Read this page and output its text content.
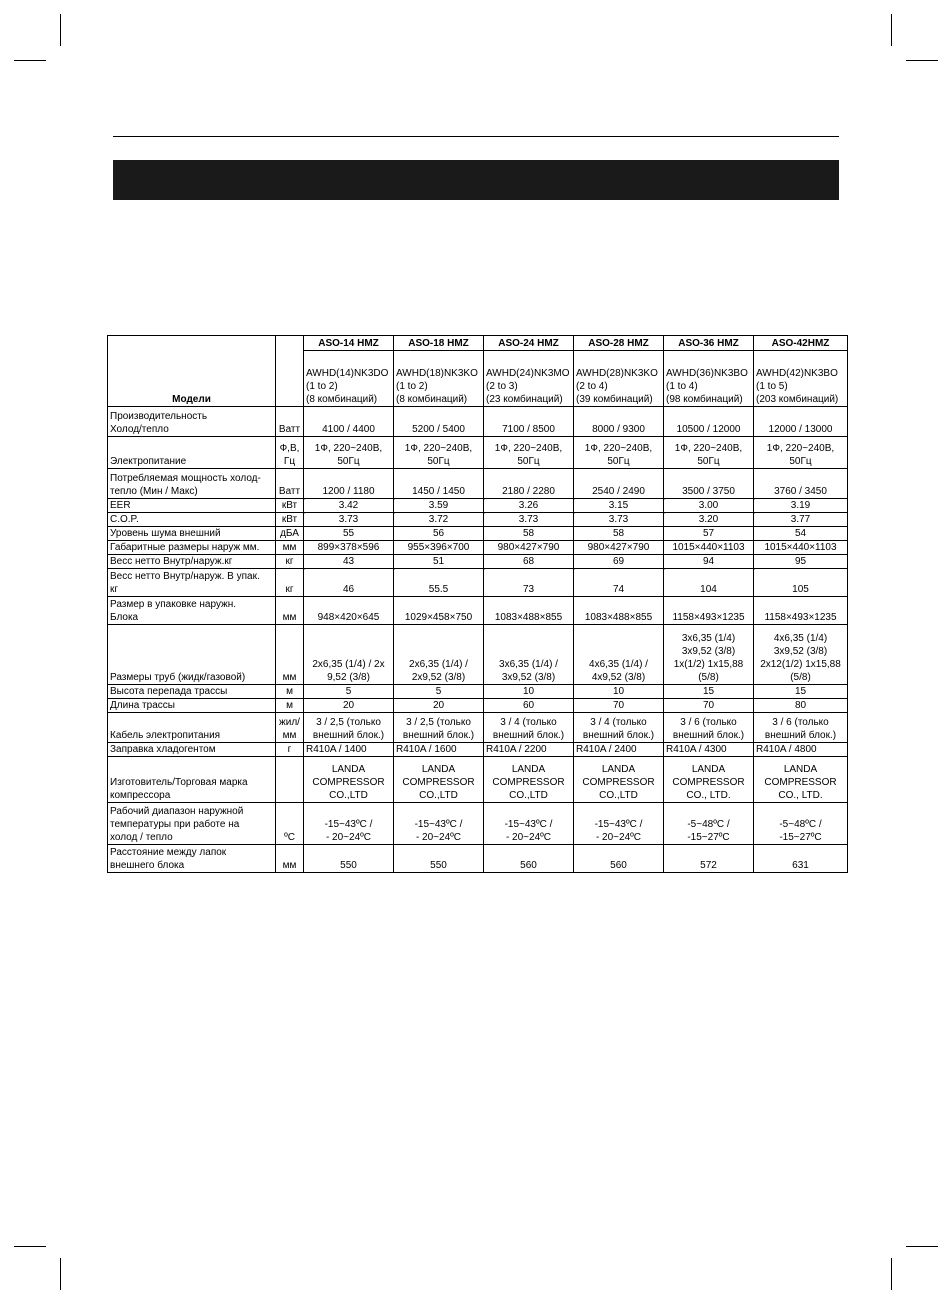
Модели		ASO-14 HMZ	ASO-18 HMZ	ASO-24 HMZ	ASO-28 HMZ	ASO-36 HMZ	ASO-42HMZ

		AWHD(14)NK3DO
(1 to 2)
(8 комбинаций)	AWHD(18)NK3KO
(1 to 2)
(8 комбинаций)	AWHD(24)NK3MO
(2 to 3)
(23 комбинаций)	AWHD(28)NK3KO
(2 to 4)
(39 комбинаций)	AWHD(36)NK3BO
(1 to 4)
(98 комбинаций)	AWHD(42)NK3BO
(1 to 5)
(203 комбинаций)

Производительность
Холод/тепло	Ватт	4100 / 4400	5200 / 5400	7100 / 8500	8000 / 9300	10500 / 12000	12000 / 13000

Электропитание	Ф,В,
Гц	1Ф, 220~240В,
50Гц	1Ф, 220~240В,
50Гц	1Ф, 220~240В,
50Гц	1Ф, 220~240В,
50Гц	1Ф, 220~240В,
50Гц	1Ф, 220~240В,
50Гц

Потребляемая мощность холод-
тепло (Мин / Макс)	Ватт	1200 / 1180	1450 / 1450	2180 / 2280	2540 / 2490	3500 / 3750	3760 / 3450

EER	кВт	3.42	3.59	3.26	3.15	3.00	3.19

C.O.P.	кВт	3.73	3.72	3.73	3.73	3.20	3.77

Уровень шума внешний	дБА	55	56	58	58	57	54

Габаритные размеры наруж мм.	мм	899×378×596	955×396×700	980×427×790	980×427×790	1015×440×1103	1015×440×1103

Весс нетто Внутр/наруж.кг	кг	43	51	68	69	94	95

Весс нетто Внутр/наруж. В упак.
кг	кг	46	55.5	73	74	104	105

Размер в упаковке наружн.
Блока	мм	948×420×645	1029×458×750	1083×488×855	1083×488×855	1158×493×1235	1158×493×1235

Размеры труб (жидк/газовой)	мм	2x6,35 (1/4) / 2x
9,52 (3/8)	2x6,35 (1/4) /
2x9,52 (3/8)	3x6,35 (1/4) /
3x9,52 (3/8)	4x6,35 (1/4) /
4x9,52 (3/8)	3x6,35 (1/4)
3x9,52 (3/8)
1x(1/2) 1x15,88
(5/8)	4x6,35 (1/4)
3x9,52 (3/8)
2x12(1/2) 1x15,88
(5/8)

Высота перепада трассы	м	5	5	10	10	15	15

Длина трассы	м	20	20	60	70	70	80

Кабель электропитания	жил/
мм	3 / 2,5 (только
внешний блок.)	3 / 2,5 (только
внешний блок.)	3 / 4 (только
внешний блок.)	3 / 4 (только
внешний блок.)	3 / 6 (только
внешний блок.)	3 / 6 (только
внешний блок.)

Заправка хладогентом	г	R410A / 1400	R410A / 1600	R410A / 2200	R410A / 2400	R410A / 4300	R410A / 4800

Изготовитель/Торговая марка
компрессора		LANDA
COMPRESSOR
CO.,LTD	LANDA
COMPRESSOR
CO.,LTD	LANDA
COMPRESSOR
CO.,LTD	LANDA
COMPRESSOR
CO.,LTD	LANDA
COMPRESSOR
CO., LTD.	LANDA
COMPRESSOR
CO., LTD.

Рабочий диапазон наружной
температуры при работе на
холод / тепло	ºC	-15~43ºC /
- 20~24ºC	-15~43ºC /
- 20~24ºC	-15~43ºC /
- 20~24ºC	-15~43ºC /
- 20~24ºC	-5~48ºC /
-15~27ºC	-5~48ºC /
-15~27ºC

Расстояние между лапок
внешнего блока	мм	550	550	560	560	572	631
